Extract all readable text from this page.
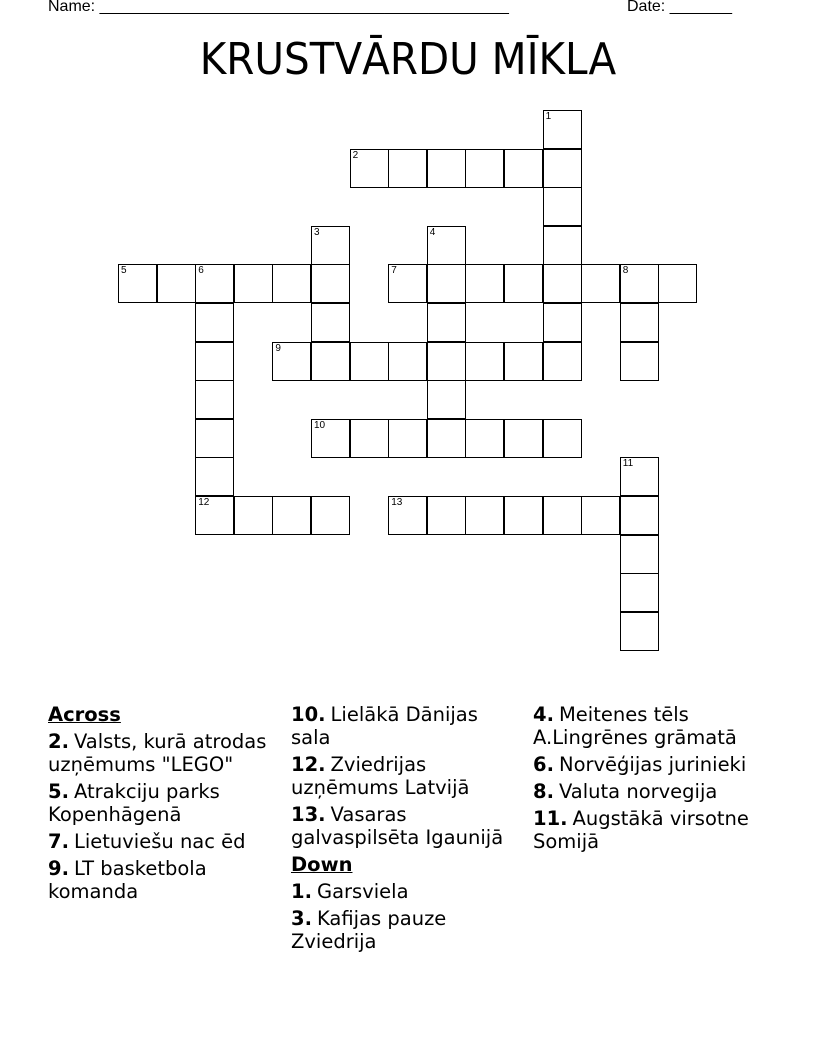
Name: ______________________________________________	Date: _______
KRUSTVĀRDU MĪKLA
1
2
3	4
5	6
12
7	8
9
10
11
13
Across
2. Valsts, kurā atrodas uzņēmums "LEGO"
5. Atrakciju parks Kopenhāgenā
7. Lietuviešu nac ēd
9. LT basketbola komanda
10. Lielākā Dānijas sala
12. Zviedrijas uzņēmums Latvijā
13. Vasaras galvaspilsēta Igaunijā
Down
1. Garsviela
3. Kafijas pauze Zviedrija
4. Meitenes tēls A.Lingrēnes grāmatā
6. Norvēģijas jurinieki
8. Valuta norvegija
11. Augstākā virsotne Somijā
